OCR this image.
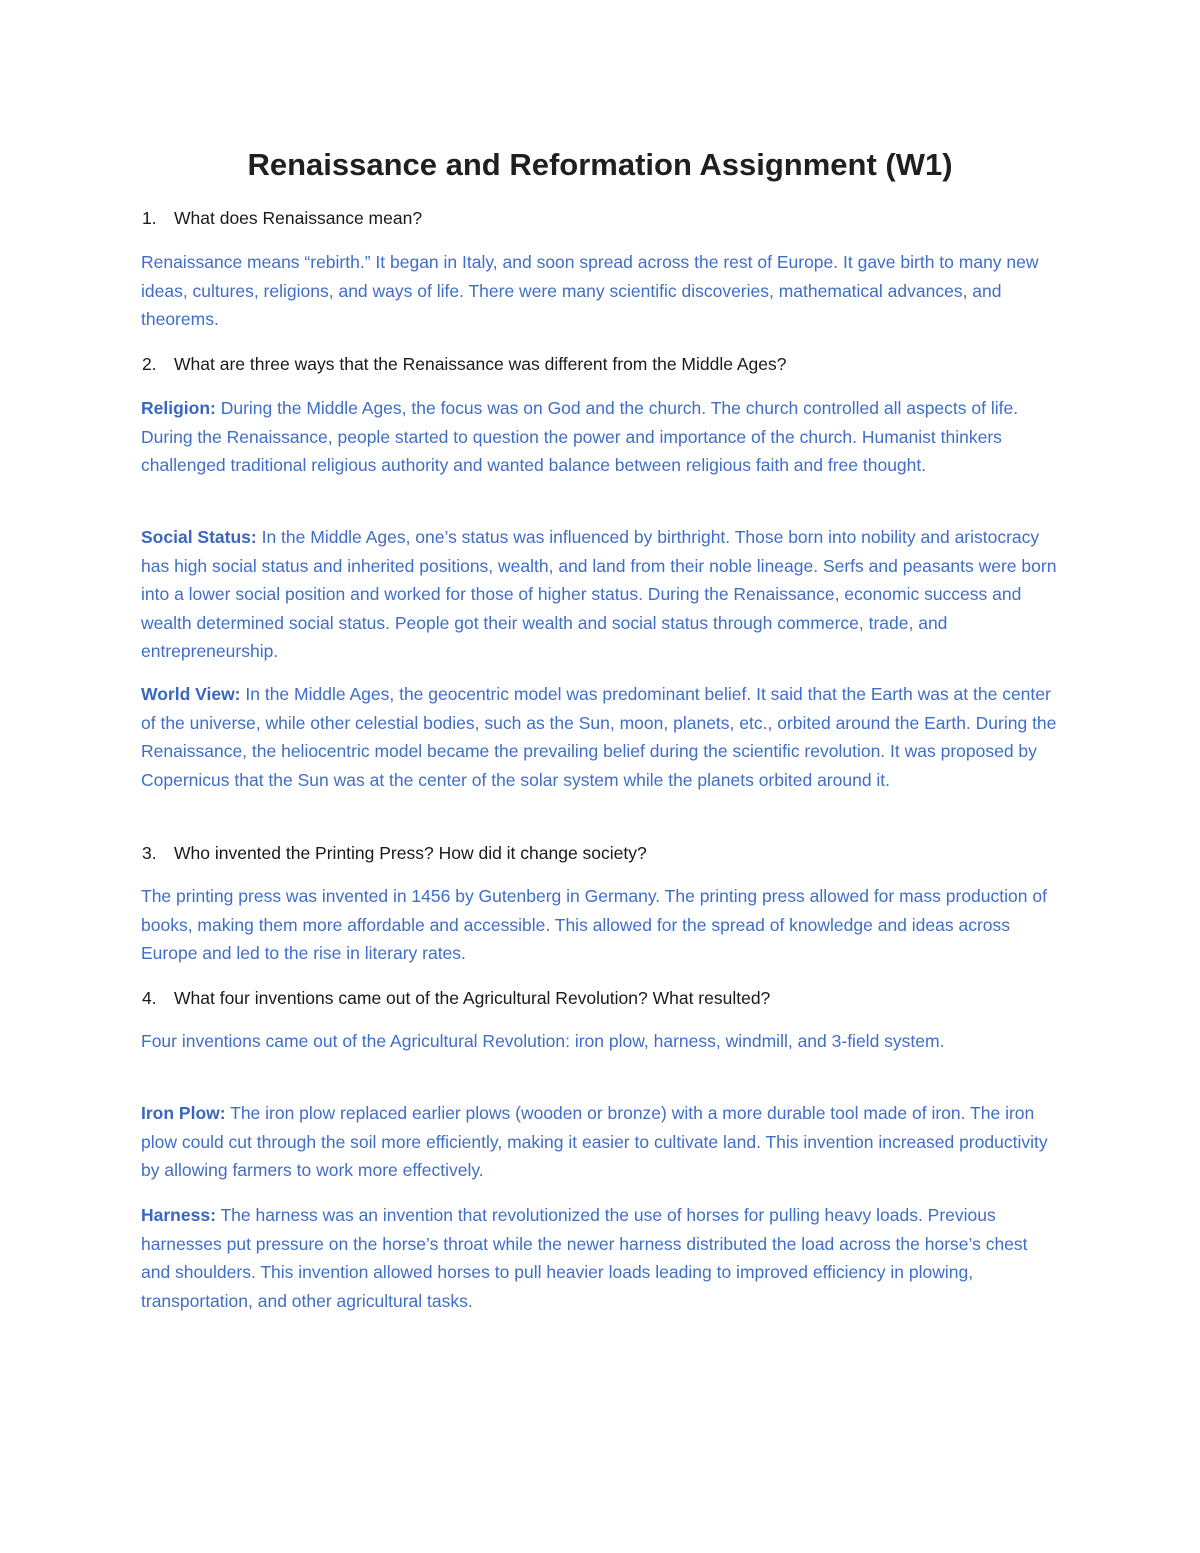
Renaissance and Reformation Assignment (W1)

1. What does Renaissance mean?

Renaissance means “rebirth.” It began in Italy, and soon spread across the rest of Europe. It gave birth to many new ideas, cultures, religions, and ways of life. There were many scientific discoveries, mathematical advances, and theorems.

2. What are three ways that the Renaissance was different from the Middle Ages?

Religion: During the Middle Ages, the focus was on God and the church. The church controlled all aspects of life. During the Renaissance, people started to question the power and importance of the church. Humanist thinkers challenged traditional religious authority and wanted balance between religious faith and free thought.

Social Status: In the Middle Ages, one’s status was influenced by birthright. Those born into nobility and aristocracy has high social status and inherited positions, wealth, and land from their noble lineage. Serfs and peasants were born into a lower social position and worked for those of higher status. During the Renaissance, economic success and wealth determined social status. People got their wealth and social status through commerce, trade, and entrepreneurship.

World View: In the Middle Ages, the geocentric model was predominant belief. It said that the Earth was at the center of the universe, while other celestial bodies, such as the Sun, moon, planets, etc., orbited around the Earth. During the Renaissance, the heliocentric model became the prevailing belief during the scientific revolution. It was proposed by Copernicus that the Sun was at the center of the solar system while the planets orbited around it.

3. Who invented the Printing Press? How did it change society?

The printing press was invented in 1456 by Gutenberg in Germany. The printing press allowed for mass production of books, making them more affordable and accessible. This allowed for the spread of knowledge and ideas across Europe and led to the rise in literary rates.

4. What four inventions came out of the Agricultural Revolution? What resulted?

Four inventions came out of the Agricultural Revolution: iron plow, harness, windmill, and 3-field system.

Iron Plow: The iron plow replaced earlier plows (wooden or bronze) with a more durable tool made of iron. The iron plow could cut through the soil more efficiently, making it easier to cultivate land. This invention increased productivity by allowing farmers to work more effectively.

Harness: The harness was an invention that revolutionized the use of horses for pulling heavy loads. Previous harnesses put pressure on the horse’s throat while the newer harness distributed the load across the horse’s chest and shoulders. This invention allowed horses to pull heavier loads leading to improved efficiency in plowing, transportation, and other agricultural tasks.
